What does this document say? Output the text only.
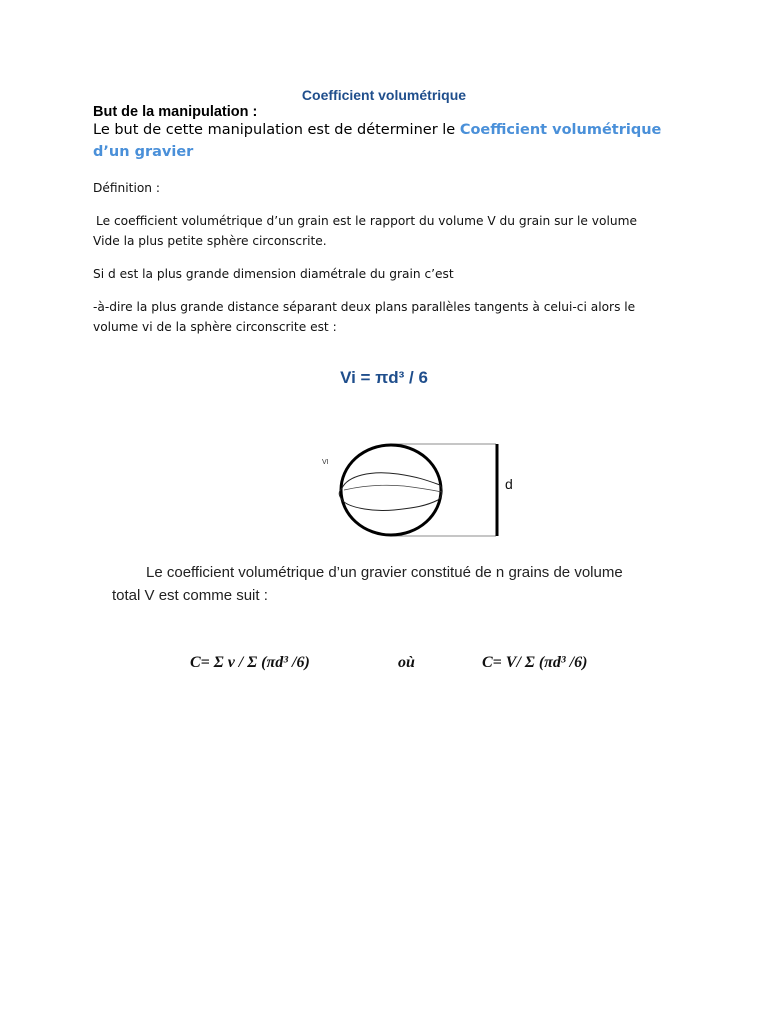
Coefficient volumétrique
But de la manipulation :
Le but de cette manipulation est de déterminer le Coefficient volumétrique
d’un gravier
Définition :
Le coefficient volumétrique d’un grain est le rapport du volume V du grain sur le volume
Vide la plus petite sphère circonscrite.
Si d est la plus grande dimension diamétrale du grain c’est
-à-dire la plus grande distance séparant deux plans parallèles tangents à celui-ci alors le
volume vi de la sphère circonscrite est :
Vi = πd³ / 6
VI
d
Le coefficient volumétrique d’un gravier constitué de n grains de volume
total V est comme suit :
C= Σ v / Σ (πd³ /6)	où	C= V/ Σ (πd³ /6)
